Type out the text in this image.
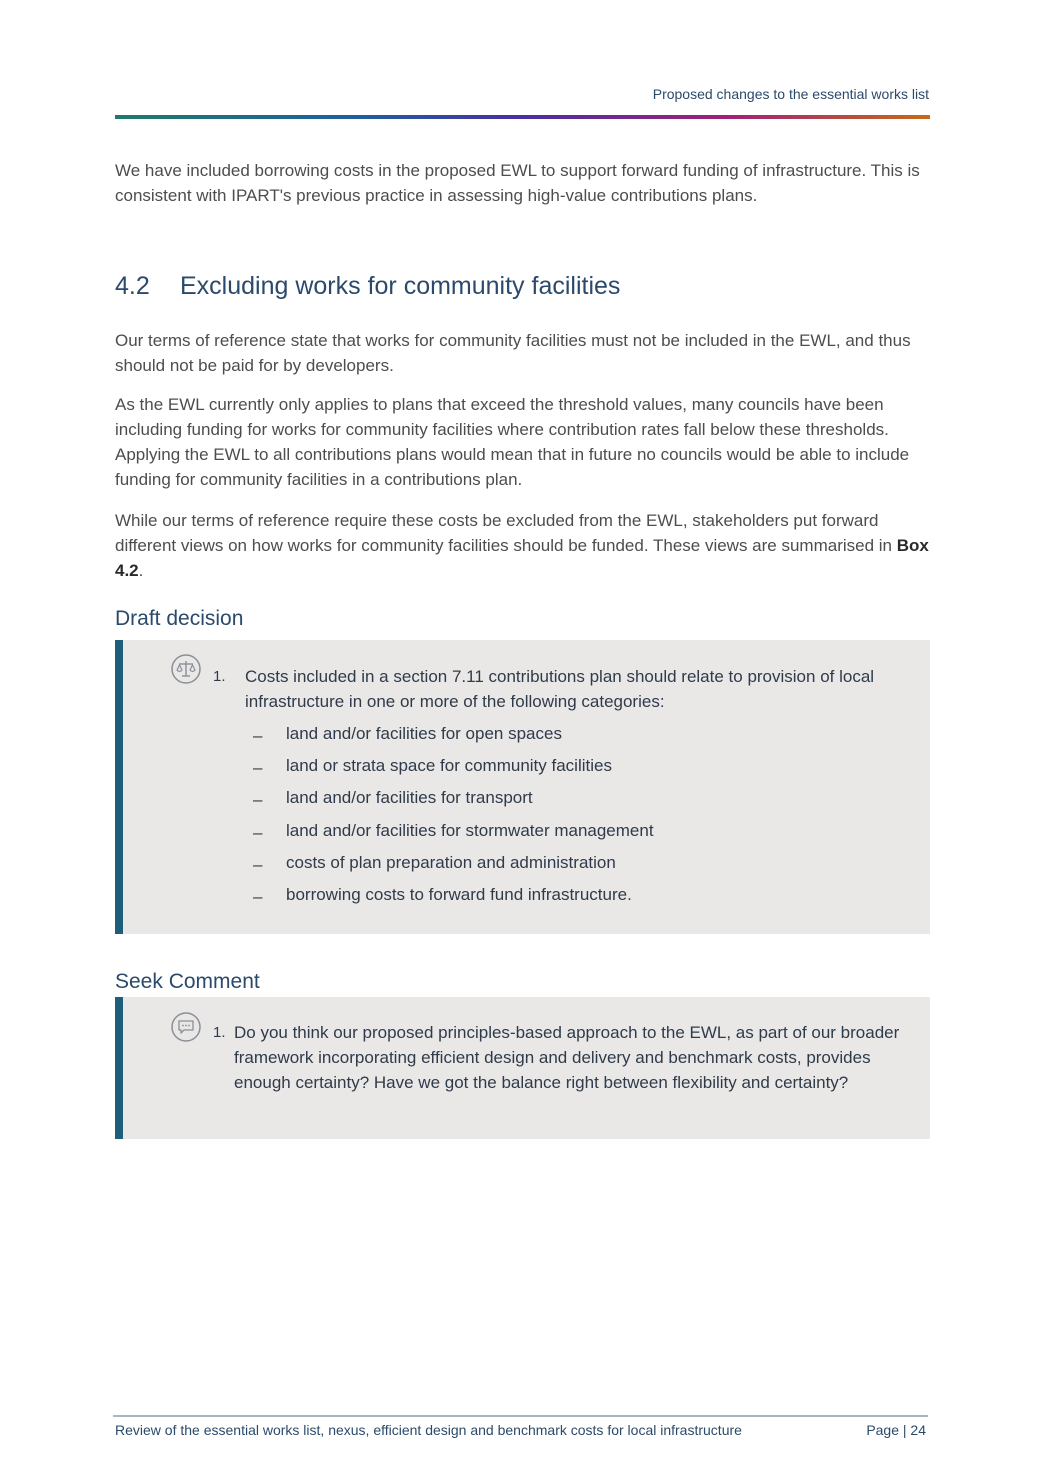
Proposed changes to the essential works list

We have included borrowing costs in the proposed EWL to support forward funding of infrastructure. This is consistent with IPART's previous practice in assessing high-value contributions plans.

4.2 Excluding works for community facilities

Our terms of reference state that works for community facilities must not be included in the EWL, and thus should not be paid for by developers.

As the EWL currently only applies to plans that exceed the threshold values, many councils have been including funding for works for community facilities where contribution rates fall below these thresholds. Applying the EWL to all contributions plans would mean that in future no councils would be able to include funding for community facilities in a contributions plan.

While our terms of reference require these costs be excluded from the EWL, stakeholders put forward different views on how works for community facilities should be funded. These views are summarised in Box 4.2.

Draft decision
1. Costs included in a section 7.11 contributions plan should relate to provision of local infrastructure in one or more of the following categories:
– land and/or facilities for open spaces
– land or strata space for community facilities
– land and/or facilities for transport
– land and/or facilities for stormwater management
– costs of plan preparation and administration
– borrowing costs to forward fund infrastructure.
Seek Comment
1. Do you think our proposed principles-based approach to the EWL, as part of our broader framework incorporating efficient design and delivery and benchmark costs, provides enough certainty? Have we got the balance right between flexibility and certainty?
Review of the essential works list, nexus, efficient design and benchmark costs for local infrastructure	Page | 24
